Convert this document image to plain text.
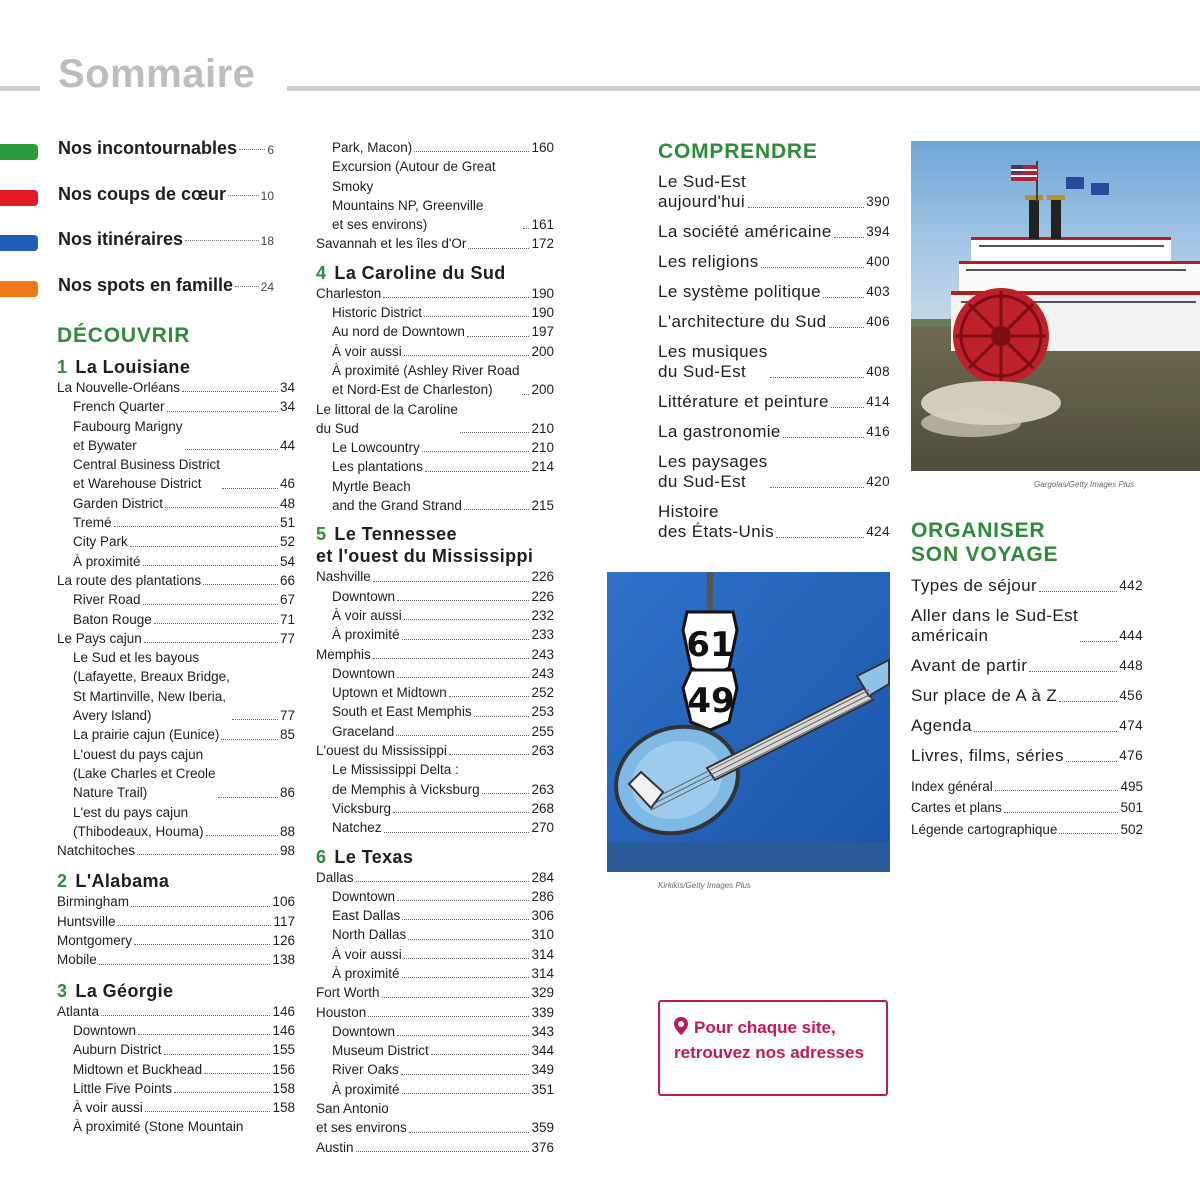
Sommaire
Nos incontournables	6
Nos coups de cœur	10
Nos itinéraires	18
Nos spots en famille 24
DÉCOUVRIR
1 La Louisiane

La Nouvelle-Orléans	34

French Quarter	34

Faubourg Marigny
et Bywater	44

Central Business District
et Warehouse District	46

Garden District	48

Tremé	51

City Park	52

À proximité	54

La route des plantations	66

River Road	67

Baton Rouge	71

Le Pays cajun	77

Le Sud et les bayous
(Lafayette, Breaux Bridge,
St Martinville, New Iberia,
Avery Island)	77

La prairie cajun (Eunice)	85

L'ouest du pays cajun
(Lake Charles et Creole
Nature Trail)	86

L'est du pays cajun
(Thibodeaux, Houma)	88

Natchitoches	98

2 L'Alabama

Birmingham	106

Huntsville	117

Montgomery	126

Mobile	138

3 La Géorgie

Atlanta	146

Downtown	146

Auburn District	155

Midtown et Buckhead	156

Little Five Points	158

À voir aussi	158

À proximité (Stone Mountain

Park, Macon)	160

Excursion (Autour de Great Smoky
Mountains NP, Greenville
et ses environs)	161

Savannah et les îles d'Or	172

4 La Caroline du Sud

Charleston	190

Historic District	190

Au nord de Downtown	197

À voir aussi	200

À proximité (Ashley River Road
et Nord-Est de Charleston)	200

Le littoral de la Caroline
du Sud	210

Le Lowcountry	210

Les plantations	214

Myrtle Beach
and the Grand Strand	215

5 Le Tennessee
et l'ouest du Mississippi

Nashville	226

Downtown	226

À voir aussi	232

À proximité	233

Memphis	243

Downtown	243

Uptown et Midtown	252

South et East Memphis	253

Graceland	255

L'ouest du Mississippi	263

Le Mississippi Delta :
de Memphis à Vicksburg	263

Vicksburg	268

Natchez	270

6 Le Texas

Dallas	284

Downtown	286

East Dallas	306

North Dallas	310

À voir aussi	314

À proximité	314

Fort Worth	329

Houston	339

Downtown	343

Museum District	344

River Oaks	349

À proximité	351

San Antonio
et ses environs	359

Austin	376

COMPRENDRE

Le Sud-Est
aujourd'hui	390

La société américaine	394

Les religions	400

Le système politique	403

L'architecture du Sud	406

Les musiques
du Sud-Est	408

Littérature et peinture	414

La gastronomie	416

Les paysages
du Sud-Est	420

Histoire
des États-Unis	424 ORGANISER
SON VOYAGE

Types de séjour	442

Aller dans le Sud-Est
américain	444

Avant de partir	448

Sur place de A à Z	456

Agenda	474

Livres, films, séries	476

Index général	495

Cartes et plans	501

Légende cartographique	502

Gargolas/Getty Images Plus
61
49
Kirkikis/Getty Images Plus
Pour chaque site, retrouvez nos adresses
